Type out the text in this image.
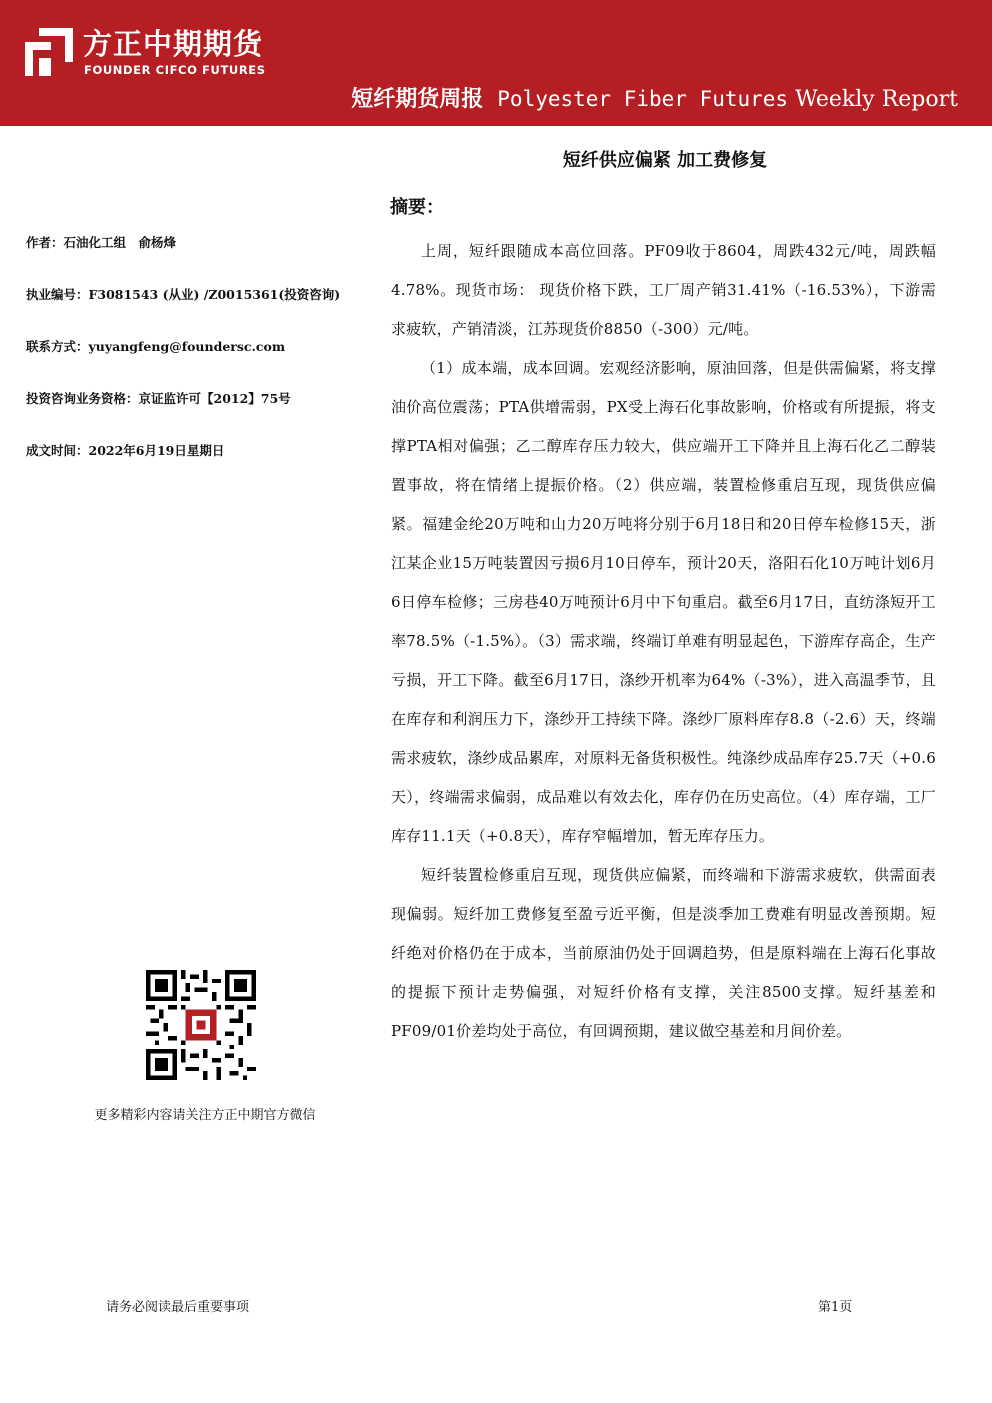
方正中期期货
FOUNDER CIFCO FUTURES
短纤期货周报 Polyester Fiber Futures Weekly Report
短纤供应偏紧 加工费修复
摘要：
作者：石油化工组　俞杨烽
执业编号：F3081543 (从业) /Z0015361(投资咨询)
联系方式：yuyangfeng@foundersc.com
投资咨询业务资格：京证监许可【2012】75号
成文时间：2022年6月19日星期日

上周，短纤跟随成本高位回落。PF09收于8604，周跌432元/吨，周跌幅4.78%。现货市场： 现货价格下跌，工厂周产销31.41%（-16.53%），下游需求疲软，产销清淡，江苏现货价8850（-300）元/吨。

（1）成本端，成本回调。宏观经济影响，原油回落，但是供需偏紧，将支撑油价高位震荡；PTA供增需弱，PX受上海石化事故影响，价格或有所提振，将支撑PTA相对偏强；乙二醇库存压力较大，供应端开工下降并且上海石化乙二醇装置事故，将在情绪上提振价格。（2）供应端，装置检修重启互现，现货供应偏紧。福建金纶20万吨和山力20万吨将分别于6月18日和20日停车检修15天，浙江某企业15万吨装置因亏损6月10日停车，预计20天，洛阳石化10万吨计划6月6日停车检修；三房巷40万吨预计6月中下旬重启。截至6月17日，直纺涤短开工率78.5%（-1.5%）。（3）需求端，终端订单难有明显起色，下游库存高企，生产亏损，开工下降。截至6月17日，涤纱开机率为64%（-3%），进入高温季节，且在库存和利润压力下，涤纱开工持续下降。涤纱厂原料库存8.8（-2.6）天，终端需求疲软，涤纱成品累库，对原料无备货积极性。纯涤纱成品库存25.7天（+0.6天），终端需求偏弱，成品难以有效去化，库存仍在历史高位。（4）库存端，工厂库存11.1天（+0.8天），库存窄幅增加，暂无库存压力。

短纤装置检修重启互现，现货供应偏紧，而终端和下游需求疲软，供需面表现偏弱。短纤加工费修复至盈亏近平衡，但是淡季加工费难有明显改善预期。短纤绝对价格仍在于成本，当前原油仍处于回调趋势，但是原料端在上海石化事故的提振下预计走势偏强，对短纤价格有支撑，关注8500支撑。短纤基差和PF09/01价差均处于高位，有回调预期，建议做空基差和月间价差。

更多精彩内容请关注方正中期官方微信
请务必阅读最后重要事项	第1页
